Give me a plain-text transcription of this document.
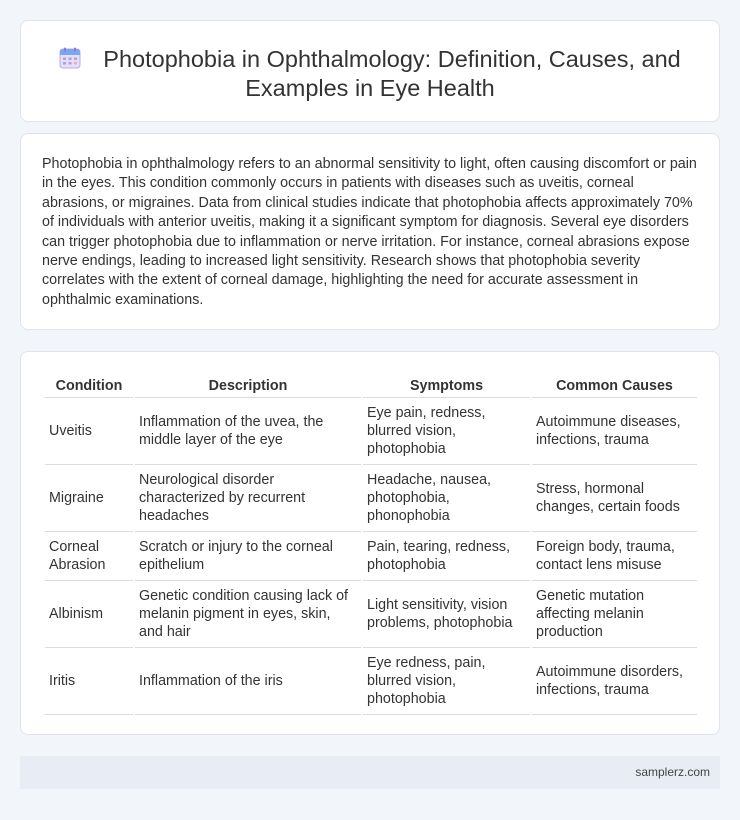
Photophobia in Ophthalmology: Definition, Causes, and Examples in Eye Health

Photophobia in ophthalmology refers to an abnormal sensitivity to light, often causing discomfort or pain in the eyes. This condition commonly occurs in patients with diseases such as uveitis, corneal abrasions, or migraines. Data from clinical studies indicate that photophobia affects approximately 70% of individuals with anterior uveitis, making it a significant symptom for diagnosis. Several eye disorders can trigger photophobia due to inflammation or nerve irritation. For instance, corneal abrasions expose nerve endings, leading to increased light sensitivity. Research shows that photophobia severity correlates with the extent of corneal damage, highlighting the need for accurate assessment in ophthalmic examinations.

Condition	Description	Symptoms	Common Causes
Uveitis	Inflammation of the uvea, the middle layer of the eye	Eye pain, redness, blurred vision, photophobia	Autoimmune diseases, infections, trauma
Migraine	Neurological disorder characterized by recurrent headaches	Headache, nausea, photophobia, phonophobia	Stress, hormonal changes, certain foods
Corneal Abrasion	Scratch or injury to the corneal epithelium	Pain, tearing, redness, photophobia	Foreign body, trauma, contact lens misuse
Albinism	Genetic condition causing lack of melanin pigment in eyes, skin, and hair	Light sensitivity, vision problems, photophobia	Genetic mutation affecting melanin production
Iritis	Inflammation of the iris	Eye redness, pain, blurred vision, photophobia	Autoimmune disorders, infections, trauma
samplerz.com
